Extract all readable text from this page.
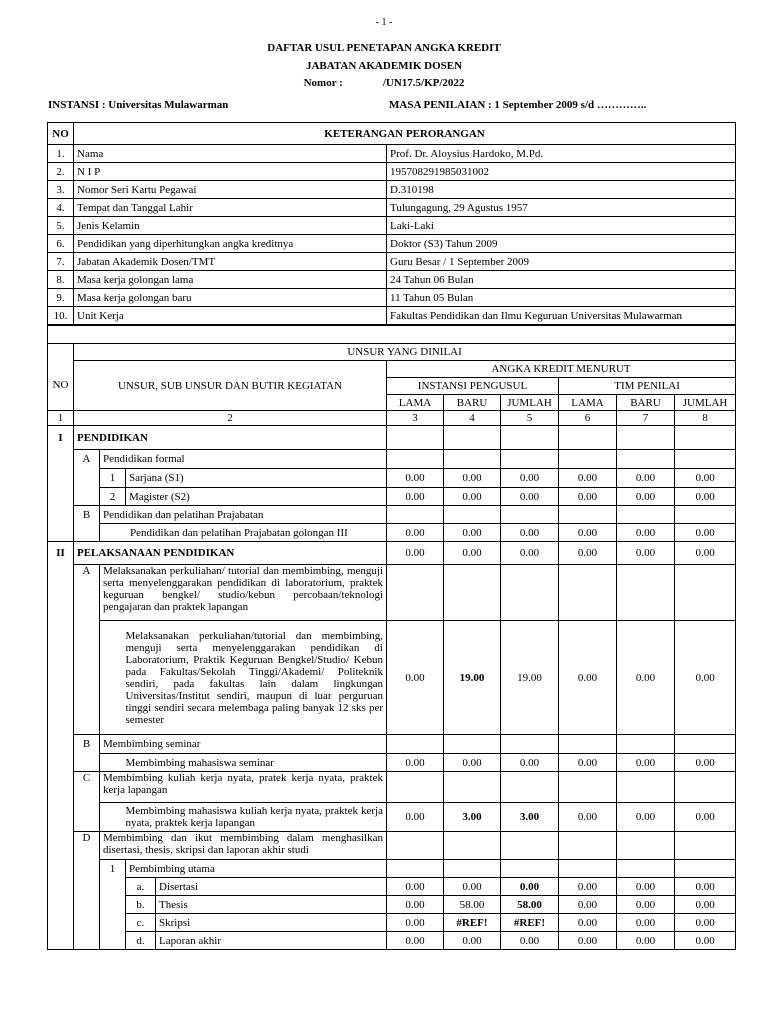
- 1 -
DAFTAR USUL PENETAPAN ANGKA KREDIT
JABATAN AKADEMIK DOSEN
Nomor :	/UN17.5/KP/2022
INSTANSI : Universitas Mulawarman	MASA PENILAIAN : 1 September 2009 s/d …………..
NO	KETERANGAN PERORANGAN	
1.	Nama	Prof. Dr. Aloysius Hardoko, M.Pd.
2.	N I P	195708291985031002
3.	Nomor Seri Kartu Pegawai	D.310198
4.	Tempat dan Tanggal Lahir	Tulungagung, 29 Agustus 1957
5.	Jenis Kelamin	Laki-Laki
6.	Pendidikan yang diperhitungkan angka kreditnya	Doktor (S3) Tahun 2009
7.	Jabatan Akademik Dosen/TMT	Guru Besar / 1 September 2009
8.	Masa kerja golongan lama	24 Tahun 06 Bulan
9.	Masa kerja golongan baru	11 Tahun 05 Bulan
10.	Unit Kerja	Fakultas Pendidikan dan Ilmu Keguruan Universitas Mulawarman

	UNSUR YANG DINILAI									
NO	UNSUR, SUB UNSUR DAN BUTIR KEGIATAN				ANGKA KREDIT MENURUT					
					INSTANSI PENGUSUL			TIM PENILAI		
					LAMA	BARU	JUMLAH	LAMA	BARU	JUMLAH
1	2				3	4	5	6	7	8
I	PENDIDIKAN									
	A	Pendidikan formal								
		1	Sarjana (S1)		0.00	0.00	0.00	0.00	0.00	0.00
		2	Magister (S2)		0.00	0.00	0.00	0.00	0.00	0.00
	B	Pendidikan dan pelatihan Prajabatan								
		Pendidikan dan pelatihan Prajabatan golongan III			0.00	0.00	0.00	0.00	0.00	0.00
II	PELAKSANAAN PENDIDIKAN				0.00	0.00	0.00	0.00	0.00	0.00
	A	Melaksanakan perkuliahan/ tutorial dan membimbing, menguji serta menyelenggarakan pendidikan di laboratorium, praktek keguruan bengkel/ studio/kebun percobaan/teknologi pengajaran dan praktek lapangan								
			Melaksanakan perkuliahan/tutorial dan membimbing, menguji serta menyelenggarakan pendidikan di Laboratorium, Praktik Keguruan Bengkel/Studio/ Kebun pada Fakultas/Sekolah Tinggi/Akademi/ Politeknik sendiri, pada fakultas lain dalam lingkungan Universitas/Institut sendiri, maupun di luar perguruan tinggi sendiri secara melembaga paling banyak 12 sks per semester		0.00	19.00	19.00	0.00	0.00	0.00
	B	Membimbing seminar								
			Membimbing mahasiswa seminar		0.00	0.00	0.00	0.00	0.00	0.00
	C	Membimbing kuliah kerja nyata, pratek kerja nyata, praktek kerja lapangan								
			Membimbing mahasiswa kuliah kerja nyata, praktek kerja nyata, praktek kerja lapangan		0.00	3.00	3.00	0.00	0.00	0.00
	D	Membimbing dan ikut membimbing dalam menghasilkan disertasi, thesis, skripsi dan laporan akhir studi								

		1	Pembimbing utama							
			a.	Disertasi	0.00	0.00	0.00	0.00	0.00	0.00
			b.	Thesis	0.00	58.00	58.00	0.00	0.00	0.00
			c.	Skripsi	0.00	#REF!	#REF!	0.00	0.00	0.00
			d.	Laporan akhir	0.00	0.00	0.00	0.00	0.00	0.00
